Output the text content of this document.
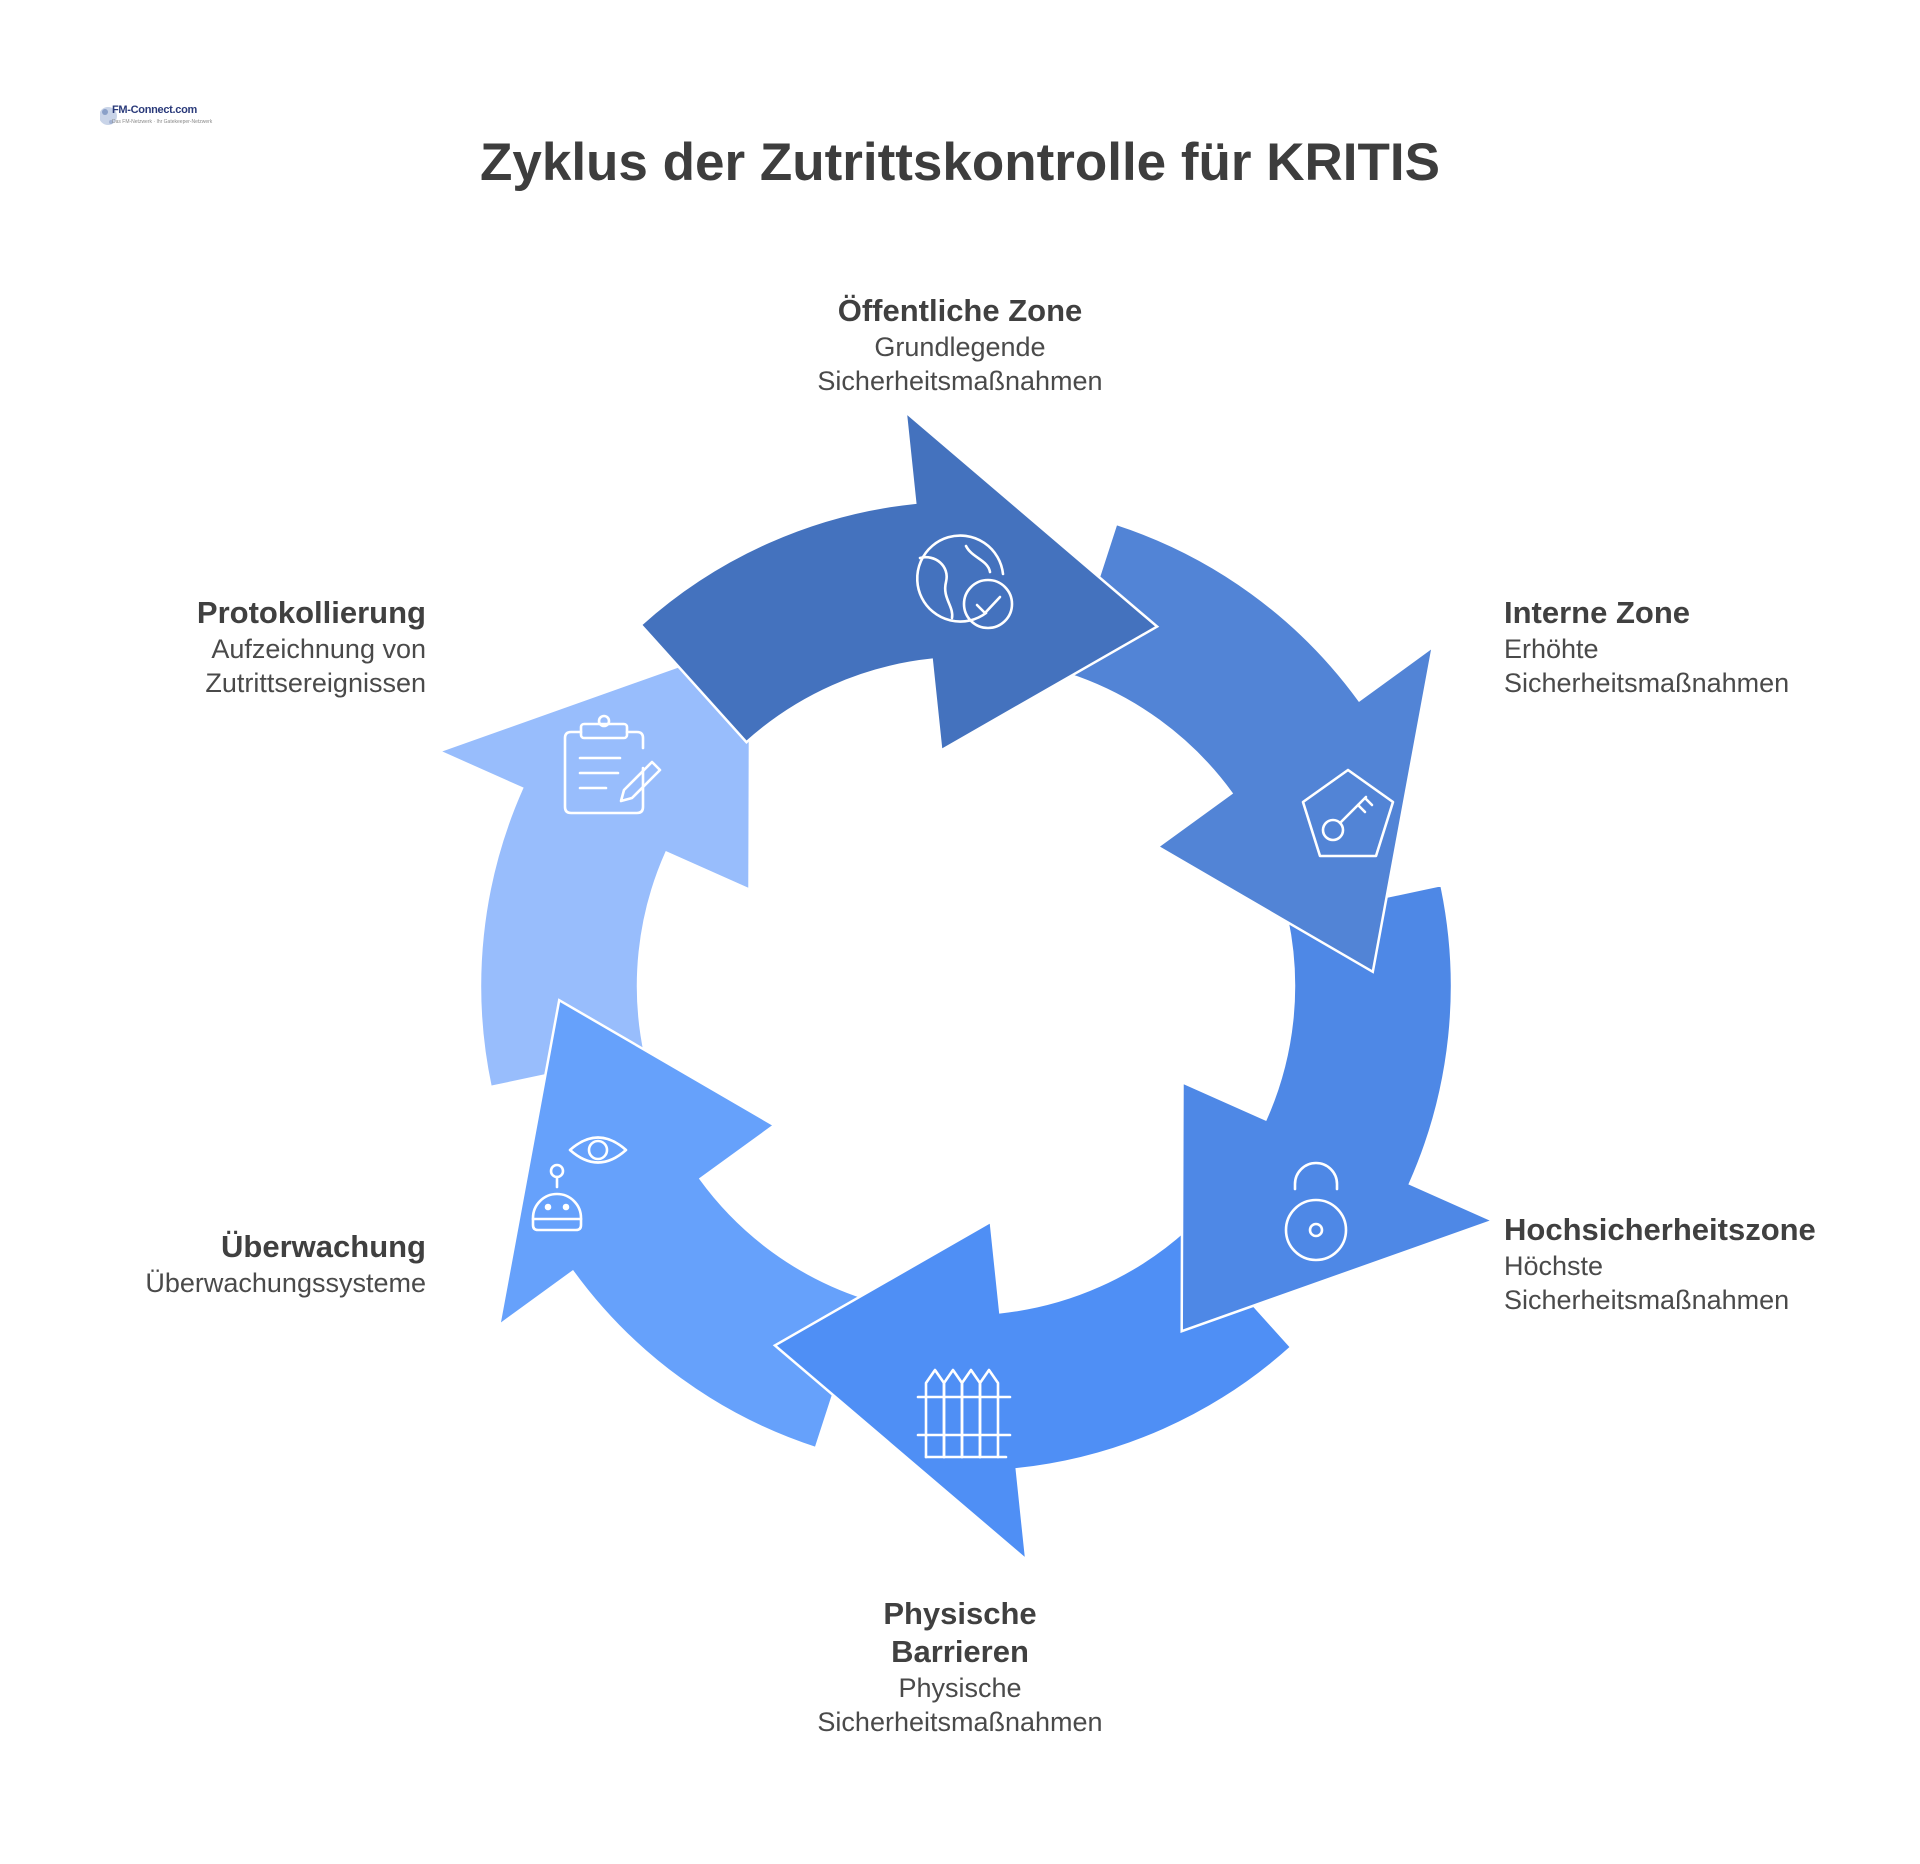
FM-Connect.com
Das FM-Netzwerk · Ihr Gatekeeper-Netzwerk
Zyklus der Zutrittskontrolle für KRITIS
Öffentliche Zone
Grundlegende
Sicherheitsmaßnahmen
Interne Zone
Erhöhte
Sicherheitsmaßnahmen
Hochsicherheitszone
Höchste
Sicherheitsmaßnahmen
Physische
Barrieren
Physische
Sicherheitsmaßnahmen
Überwachung
Überwachungssysteme
Protokollierung
Aufzeichnung von
Zutrittsereignissen
